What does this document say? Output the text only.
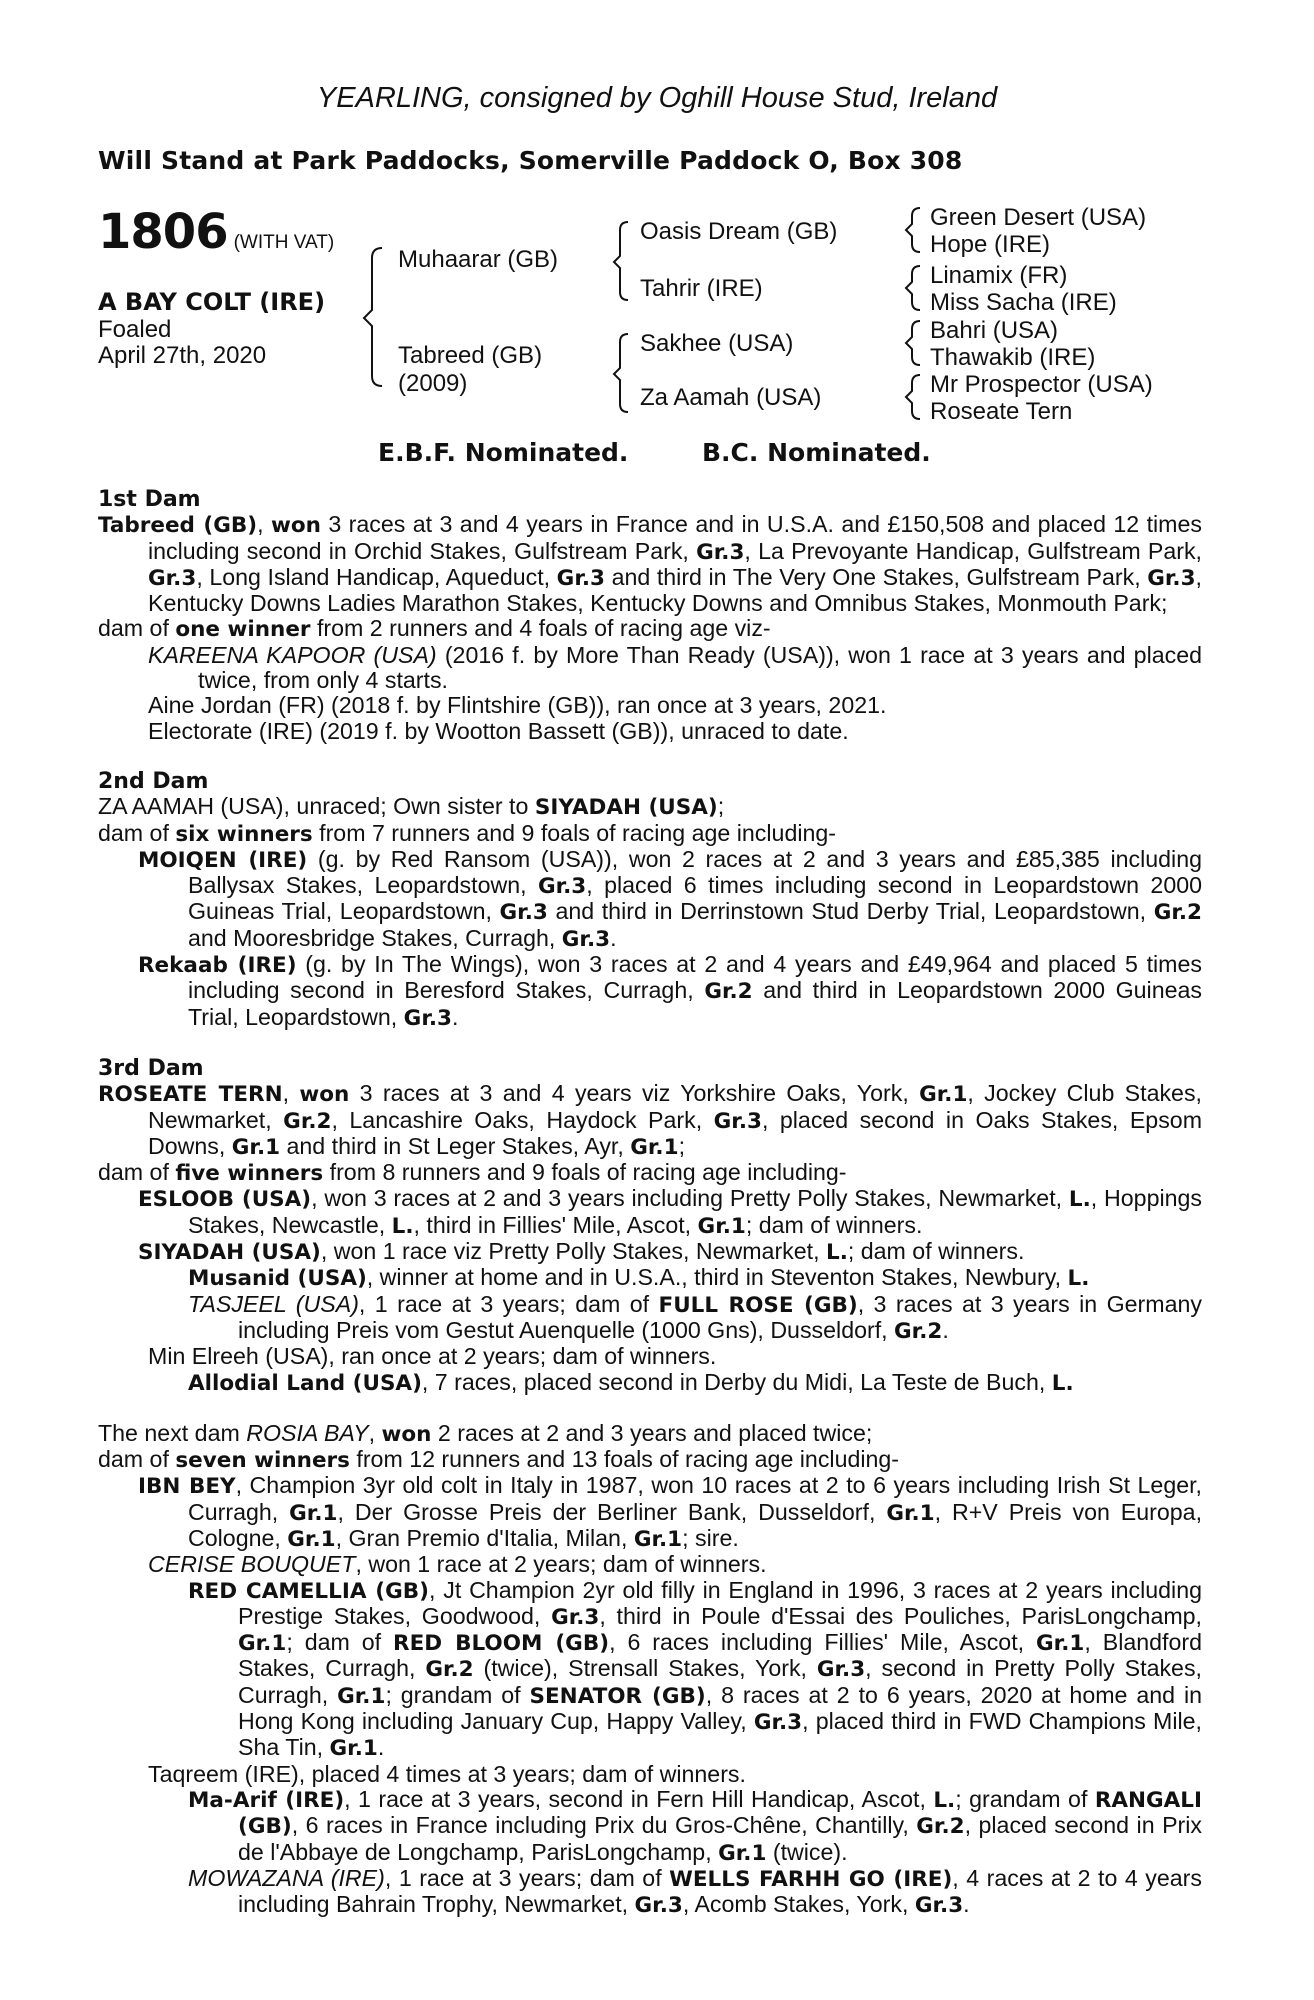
YEARLING, consigned by Oghill House Stud, Ireland
Will Stand at Park Paddocks, Somerville Paddock O, Box 308
1806 (WITH VAT)
A BAY COLT (IRE)
Foaled
April 27th, 2020
Muhaarar (GB)
Tabreed (GB)
(2009)
Oasis Dream (GB)
Tahrir (IRE)
Sakhee (USA)
Za Aamah (USA)
Green Desert (USA)
Hope (IRE)
Linamix (FR)
Miss Sacha (IRE)
Bahri (USA)
Thawakib (IRE)
Mr Prospector (USA)
Roseate Tern
E.B.F. Nominated.	B.C. Nominated.
1st Dam
Tabreed (GB), won 3 races at 3 and 4 years in France and in U.S.A. and £150,508 and placed 12 times including second in Orchid Stakes, Gulfstream Park, Gr.3, La Prevoyante Handicap, Gulfstream Park, Gr.3, Long Island Handicap, Aqueduct, Gr.3 and third in The Very One Stakes, Gulfstream Park, Gr.3, Kentucky Downs Ladies Marathon Stakes, Kentucky Downs and Omnibus Stakes, Monmouth Park;
dam of one winner from 2 runners and 4 foals of racing age viz-
KAREENA KAPOOR (USA) (2016 f. by More Than Ready (USA)), won 1 race at 3 years and placed twice, from only 4 starts.
Aine Jordan (FR) (2018 f. by Flintshire (GB)), ran once at 3 years, 2021.
Electorate (IRE) (2019 f. by Wootton Bassett (GB)), unraced to date.
2nd Dam
ZA AAMAH (USA), unraced; Own sister to SIYADAH (USA);
dam of six winners from 7 runners and 9 foals of racing age including-
MOIQEN (IRE) (g. by Red Ransom (USA)), won 2 races at 2 and 3 years and £85,385 including Ballysax Stakes, Leopardstown, Gr.3, placed 6 times including second in Leopardstown 2000 Guineas Trial, Leopardstown, Gr.3 and third in Derrinstown Stud Derby Trial, Leopardstown, Gr.2 and Mooresbridge Stakes, Curragh, Gr.3.
Rekaab (IRE) (g. by In The Wings), won 3 races at 2 and 4 years and £49,964 and placed 5 times including second in Beresford Stakes, Curragh, Gr.2 and third in Leopardstown 2000 Guineas Trial, Leopardstown, Gr.3.
3rd Dam
ROSEATE TERN, won 3 races at 3 and 4 years viz Yorkshire Oaks, York, Gr.1, Jockey Club Stakes, Newmarket, Gr.2, Lancashire Oaks, Haydock Park, Gr.3, placed second in Oaks Stakes, Epsom Downs, Gr.1 and third in St Leger Stakes, Ayr, Gr.1;
dam of five winners from 8 runners and 9 foals of racing age including-
ESLOOB (USA), won 3 races at 2 and 3 years including Pretty Polly Stakes, Newmarket, L., Hoppings Stakes, Newcastle, L., third in Fillies' Mile, Ascot, Gr.1; dam of winners.
SIYADAH (USA), won 1 race viz Pretty Polly Stakes, Newmarket, L.; dam of winners.
Musanid (USA), winner at home and in U.S.A., third in Steventon Stakes, Newbury, L.
TASJEEL (USA), 1 race at 3 years; dam of FULL ROSE (GB), 3 races at 3 years in Germany including Preis vom Gestut Auenquelle (1000 Gns), Dusseldorf, Gr.2.
Min Elreeh (USA), ran once at 2 years; dam of winners.
Allodial Land (USA), 7 races, placed second in Derby du Midi, La Teste de Buch, L.
The next dam ROSIA BAY, won 2 races at 2 and 3 years and placed twice;
dam of seven winners from 12 runners and 13 foals of racing age including-
IBN BEY, Champion 3yr old colt in Italy in 1987, won 10 races at 2 to 6 years including Irish St Leger, Curragh, Gr.1, Der Grosse Preis der Berliner Bank, Dusseldorf, Gr.1, R+V Preis von Europa, Cologne, Gr.1, Gran Premio d'Italia, Milan, Gr.1; sire.
CERISE BOUQUET, won 1 race at 2 years; dam of winners.
RED CAMELLIA (GB), Jt Champion 2yr old filly in England in 1996, 3 races at 2 years including Prestige Stakes, Goodwood, Gr.3, third in Poule d'Essai des Pouliches, ParisLongchamp, Gr.1; dam of RED BLOOM (GB), 6 races including Fillies' Mile, Ascot, Gr.1, Blandford Stakes, Curragh, Gr.2 (twice), Strensall Stakes, York, Gr.3, second in Pretty Polly Stakes, Curragh, Gr.1; grandam of SENATOR (GB), 8 races at 2 to 6 years, 2020 at home and in Hong Kong including January Cup, Happy Valley, Gr.3, placed third in FWD Champions Mile, Sha Tin, Gr.1.
Taqreem (IRE), placed 4 times at 3 years; dam of winners.
Ma-Arif (IRE), 1 race at 3 years, second in Fern Hill Handicap, Ascot, L.; grandam of RANGALI (GB), 6 races in France including Prix du Gros-Chêne, Chantilly, Gr.2, placed second in Prix de l'Abbaye de Longchamp, ParisLongchamp, Gr.1 (twice).
MOWAZANA (IRE), 1 race at 3 years; dam of WELLS FARHH GO (IRE), 4 races at 2 to 4 years including Bahrain Trophy, Newmarket, Gr.3, Acomb Stakes, York, Gr.3.
